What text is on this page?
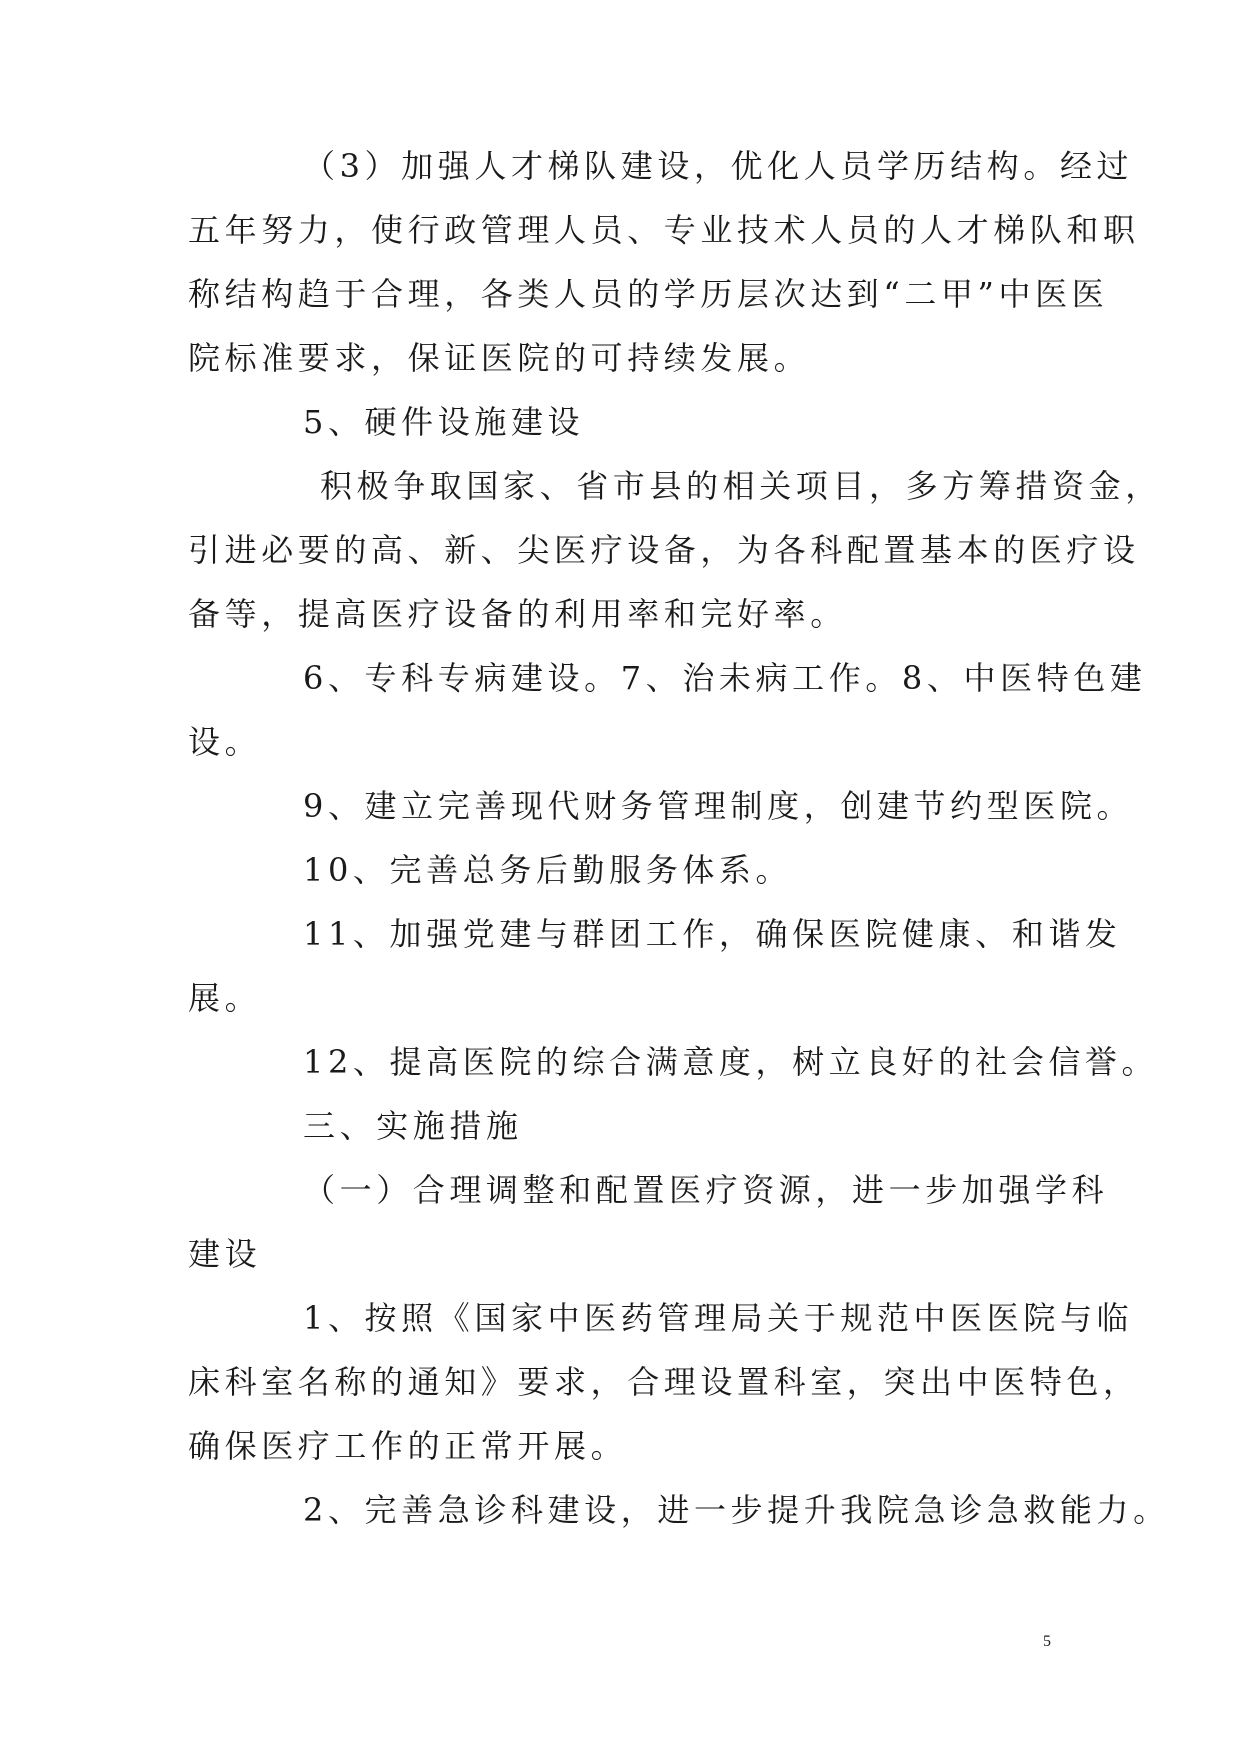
（3）加强人才梯队建设，优化人员学历结构。经过

五年努力，使行政管理人员、专业技术人员的人才梯队和职

称结构趋于合理，各类人员的学历层次达到“二甲”中医医

院标准要求，保证医院的可持续发展。

5、硬件设施建设

积极争取国家、省市县的相关项目，多方筹措资金，

引进必要的高、新、尖医疗设备，为各科配置基本的医疗设

备等，提高医疗设备的利用率和完好率。

6、专科专病建设。7、治未病工作。8、中医特色建

设。

9、建立完善现代财务管理制度，创建节约型医院。

10、完善总务后勤服务体系。

11、加强党建与群团工作，确保医院健康、和谐发

展。

12、提高医院的综合满意度，树立良好的社会信誉。

三、实施措施

（一）合理调整和配置医疗资源，进一步加强学科

建设

1、按照《国家中医药管理局关于规范中医医院与临

床科室名称的通知》要求，合理设置科室，突出中医特色，

确保医疗工作的正常开展。

2、完善急诊科建设，进一步提升我院急诊急救能力。

5
